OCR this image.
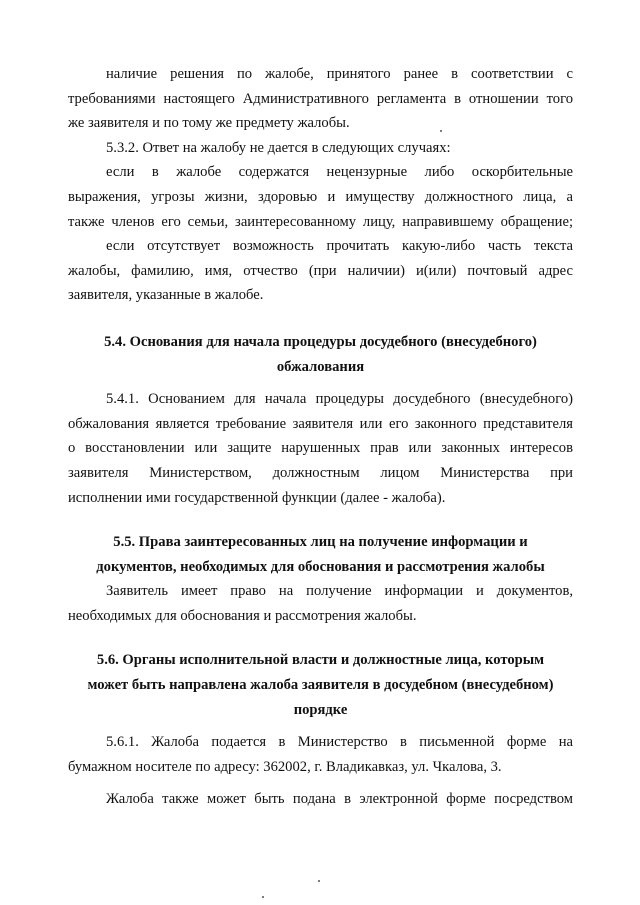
наличие решения по жалобе, принятого ранее в соответствии с
требованиями настоящего Административного регламента в отношении того
же заявителя и по тому же предмету жалобы.
5.3.2. Ответ на жалобу не дается в следующих случаях:
если в жалобе содержатся нецензурные либо оскорбительные
выражения, угрозы жизни, здоровью и имуществу должностного лица, а
также членов его семьи, заинтересованному лицу, направившему обращение;
если отсутствует возможность прочитать какую-либо часть текста
жалобы, фамилию, имя, отчество (при наличии) и(или) почтовый адрес
заявителя, указанные в жалобе.
5.4. Основания для начала процедуры досудебного (внесудебного)
обжалования
5.4.1. Основанием для начала процедуры досудебного (внесудебного)
обжалования является требование заявителя или его законного представителя
о восстановлении или защите нарушенных прав или законных интересов
заявителя Министерством, должностным лицом Министерства при
исполнении ими государственной функции (далее - жалоба).
5.5. Права заинтересованных лиц на получение информации и
документов, необходимых для обоснования и рассмотрения жалобы
Заявитель имеет право на получение информации и документов,
необходимых для обоснования и рассмотрения жалобы.
5.6. Органы исполнительной власти и должностные лица, которым
может быть направлена жалоба заявителя в досудебном (внесудебном)
порядке
5.6.1. Жалоба подается в Министерство в письменной форме на
бумажном носителе по адресу: 362002, г. Владикавказ, ул. Чкалова, 3.
Жалоба также может быть подана в электронной форме посредством
